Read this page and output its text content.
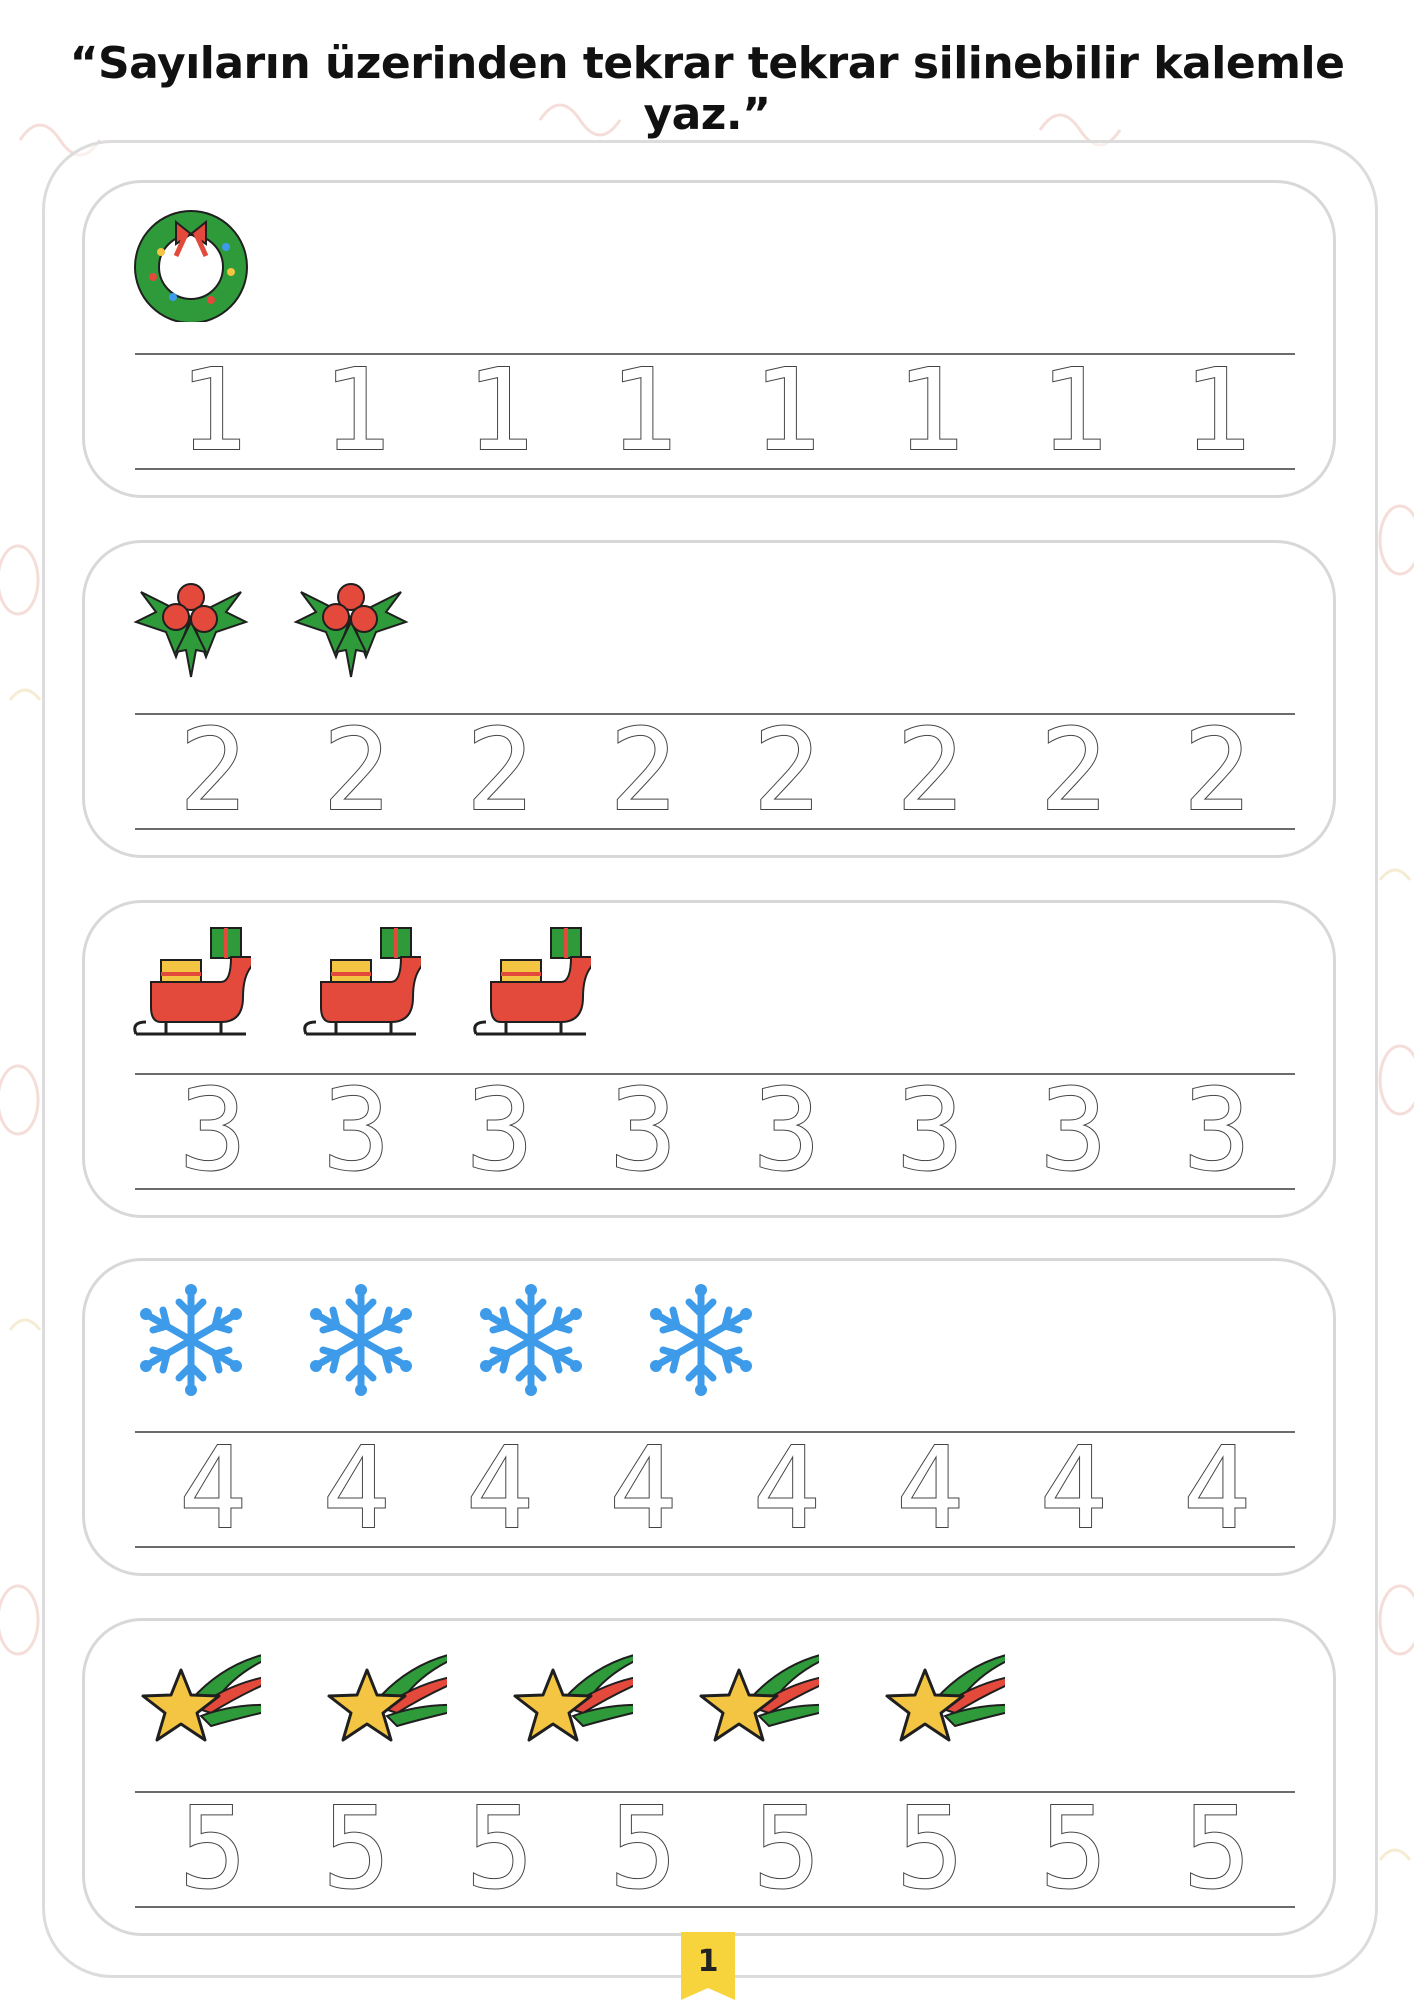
“Sayıların üzerinden tekrar tekrar silinebilir kalemle yaz.”
1 1 1 1 1 1 1 1
2 2 2 2 2 2 2 2
3 3 3 3 3 3 3 3
4 4 4 4 4 4 4 4
5 5 5 5 5 5 5 5
1
